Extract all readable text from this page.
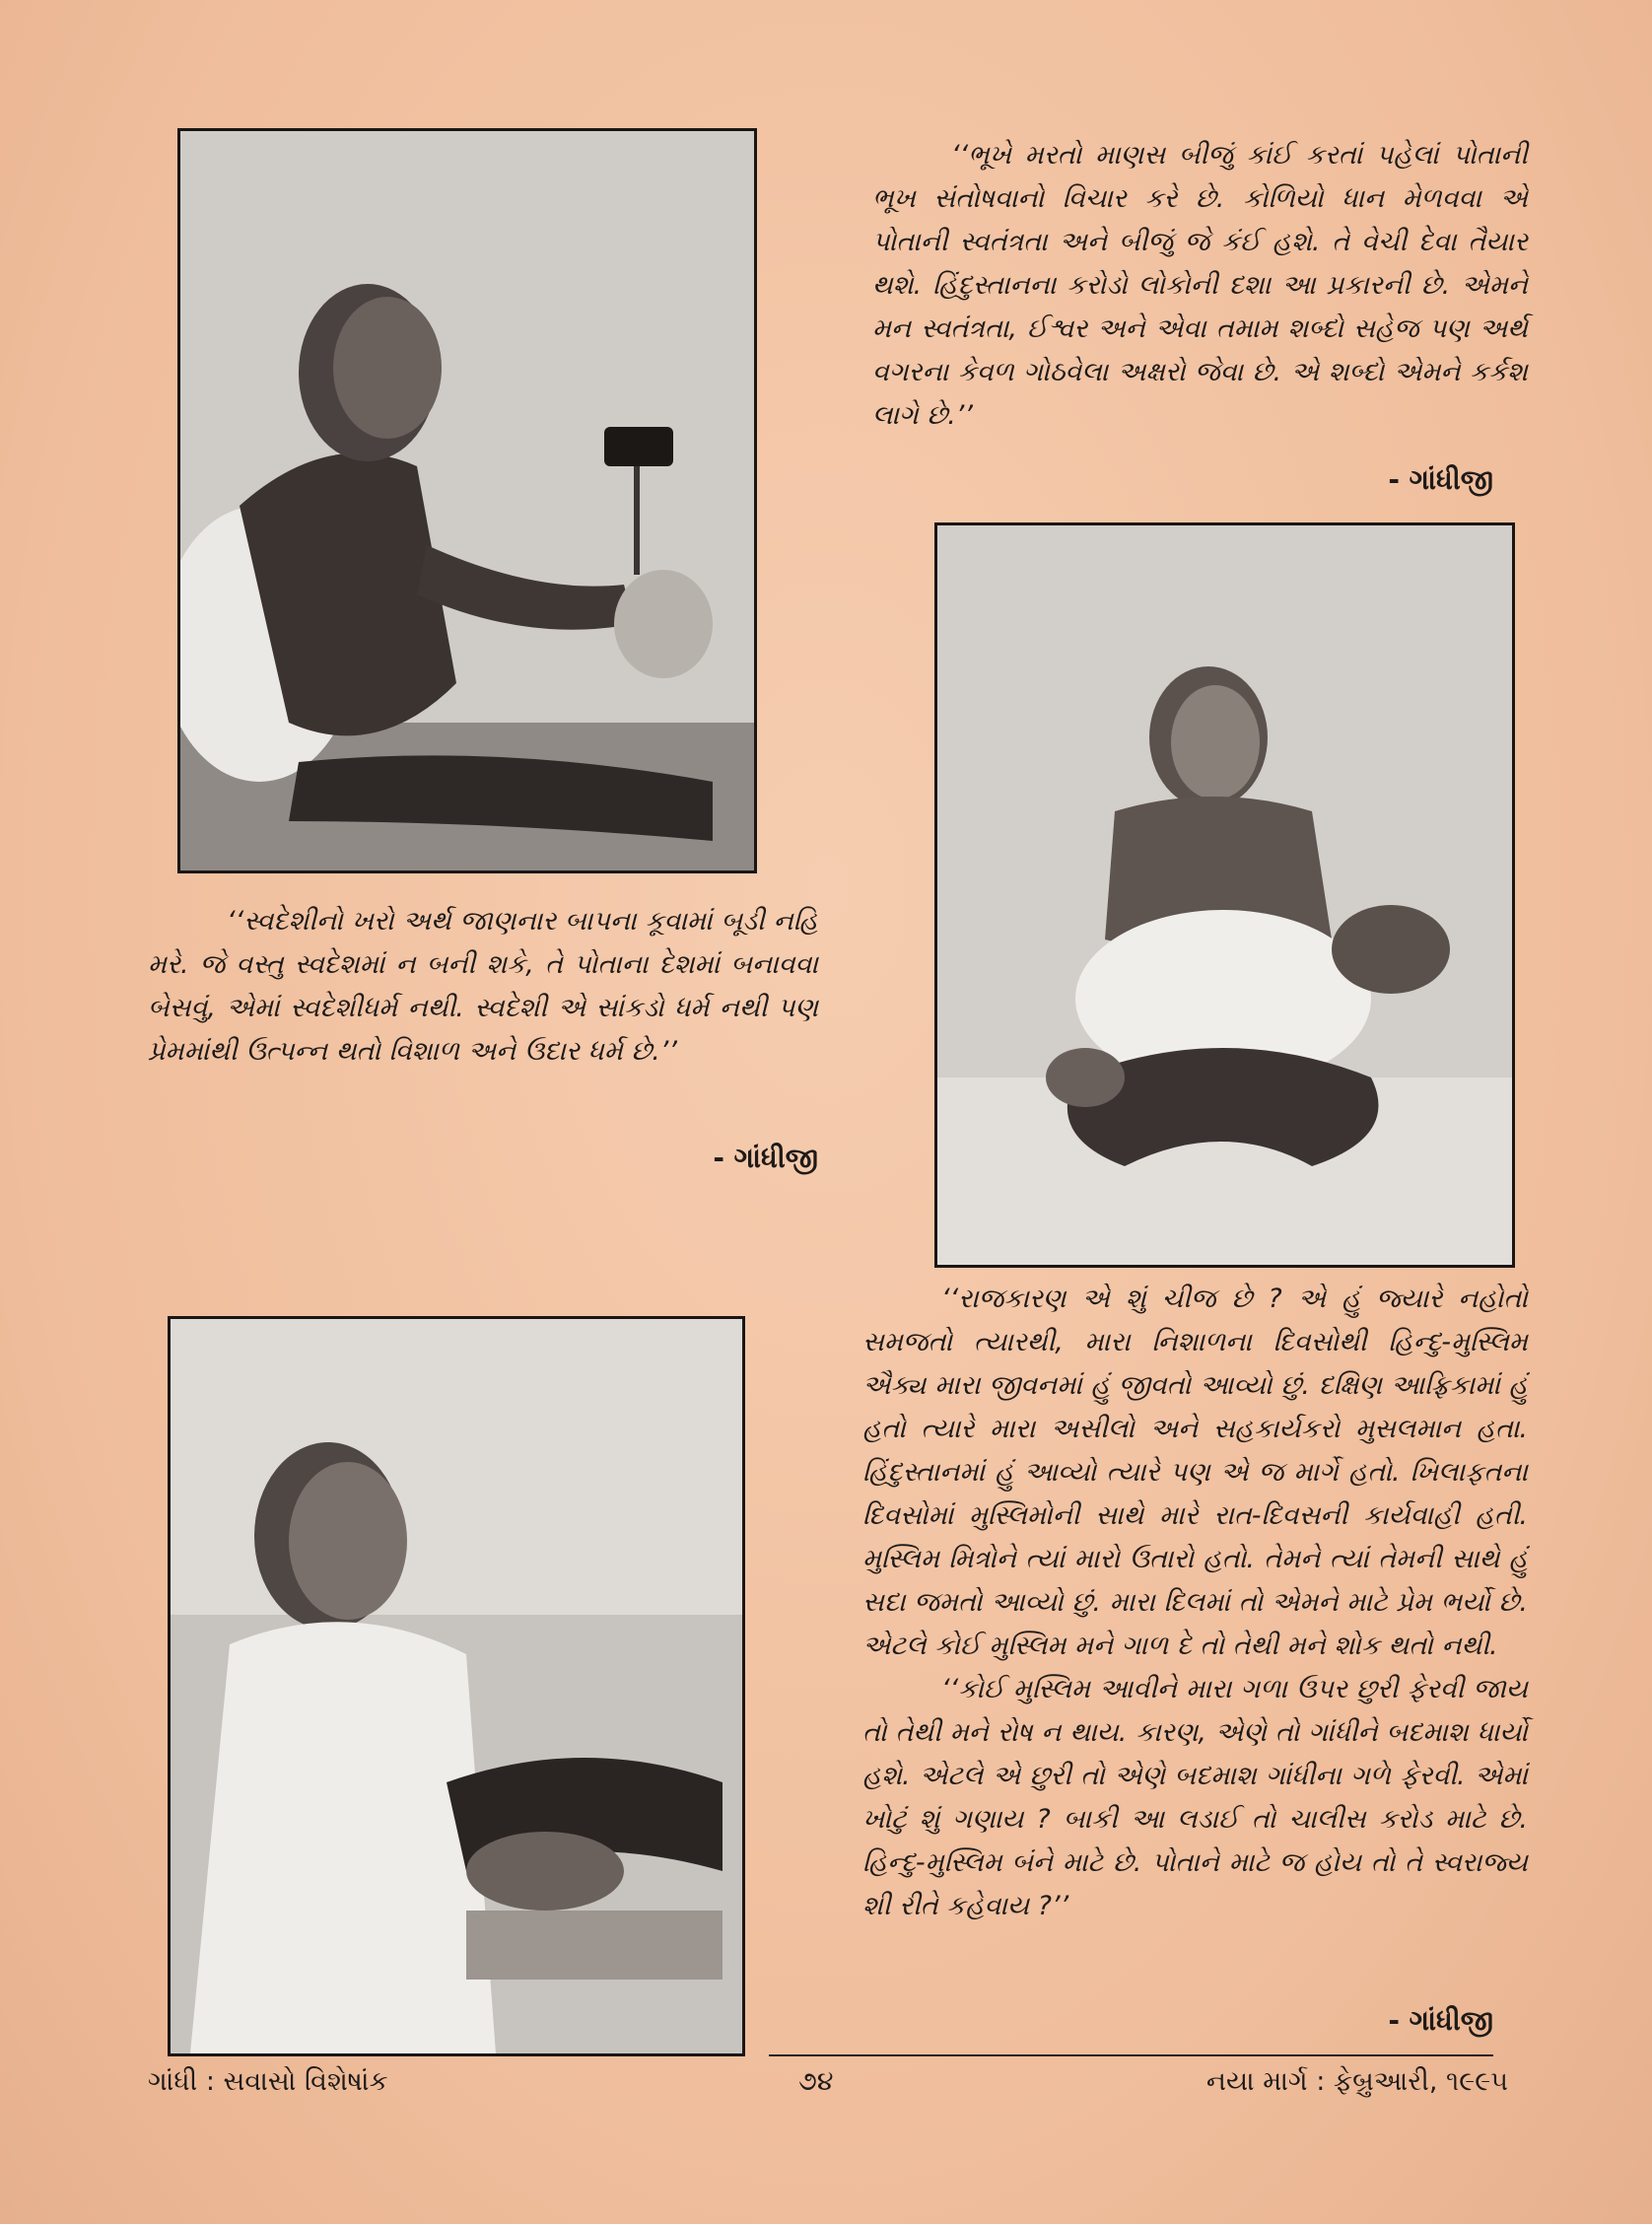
‘‘ભૂખે મરતો માણસ બીજું કાંઈ કરતાં પહેલાં પોતાની ભૂખ સંતોષવાનો વિચાર કરે છે. કોળિયો ધાન મેળવવા એ પોતાની સ્વતંત્રતા અને બીજું જે કંઈ હશે. તે વેચી દેવા તૈયાર થશે. હિંદુસ્તાનના કરોડો લોકોની દશા આ પ્રકારની છે. એમને મન સ્વતંત્રતા, ઈશ્વર અને એવા તમામ શબ્દો સહેજ પણ અર્થ વગરના કેવળ ગોઠવેલા અક્ષરો જેવા છે. એ શબ્દો એમને કર્કશ લાગે છે.’’

- ગાંધીજી

‘‘સ્વદેશીનો ખરો અર્થ જાણનાર બાપના કૂવામાં બૂડી નહિ મરે. જે વસ્તુ સ્વદેશમાં ન બની શકે, તે પોતાના દેશમાં બનાવવા બેસવું, એમાં સ્વદેશીધર્મ નથી. સ્વદેશી એ સાંકડો ધર્મ નથી પણ પ્રેમમાંથી ઉત્પન્ન થતો વિશાળ અને ઉદાર ધર્મ છે.’’

- ગાંધીજી

‘‘રાજકારણ એ શું ચીજ છે ? એ હું જ્યારે નહોતો સમજતો ત્યારથી, મારા નિશાળના દિવસોથી હિન્દુ-મુસ્લિમ ઐક્ય મારા જીવનમાં હું જીવતો આવ્યો છું. દક્ષિણ આફ્રિકામાં હું હતો ત્યારે મારા અસીલો અને સહકાર્યકરો મુસલમાન હતા. હિંદુસ્તાનમાં હું આવ્યો ત્યારે પણ એ જ માર્ગે હતો. ખિલાફતના દિવસોમાં મુસ્લિમોની સાથે મારે રાત-દિવસની કાર્યવાહી હતી. મુસ્લિમ મિત્રોને ત્યાં મારો ઉતારો હતો. તેમને ત્યાં તેમની સાથે હું સદા જમતો આવ્યો છું. મારા દિલમાં તો એમને માટે પ્રેમ ભર્યો છે. એટલે કોઈ મુસ્લિમ મને ગાળ દે તો તેથી મને શોક થતો નથી.

‘‘કોઈ મુસ્લિમ આવીને મારા ગળા ઉપર છુરી ફેરવી જાય તો તેથી મને રોષ ન થાય. કારણ, એણે તો ગાંધીને બદમાશ ધાર્યો હશે. એટલે એ છુરી તો એણે બદમાશ ગાંધીના ગળે ફેરવી. એમાં ખોટું શું ગણાય ? બાકી આ લડાઈ તો ચાલીસ કરોડ માટે છે. હિન્દુ-મુસ્લિમ બંને માટે છે. પોતાને માટે જ હોય તો તે સ્વરાજ્ય શી રીતે કહેવાય ?’’

- ગાંધીજી
ગાંધી : સવાસો વિશેષાંક	૭૪	નયા માર્ગ : ફેબ્રુઆરી, ૧૯૯૫
